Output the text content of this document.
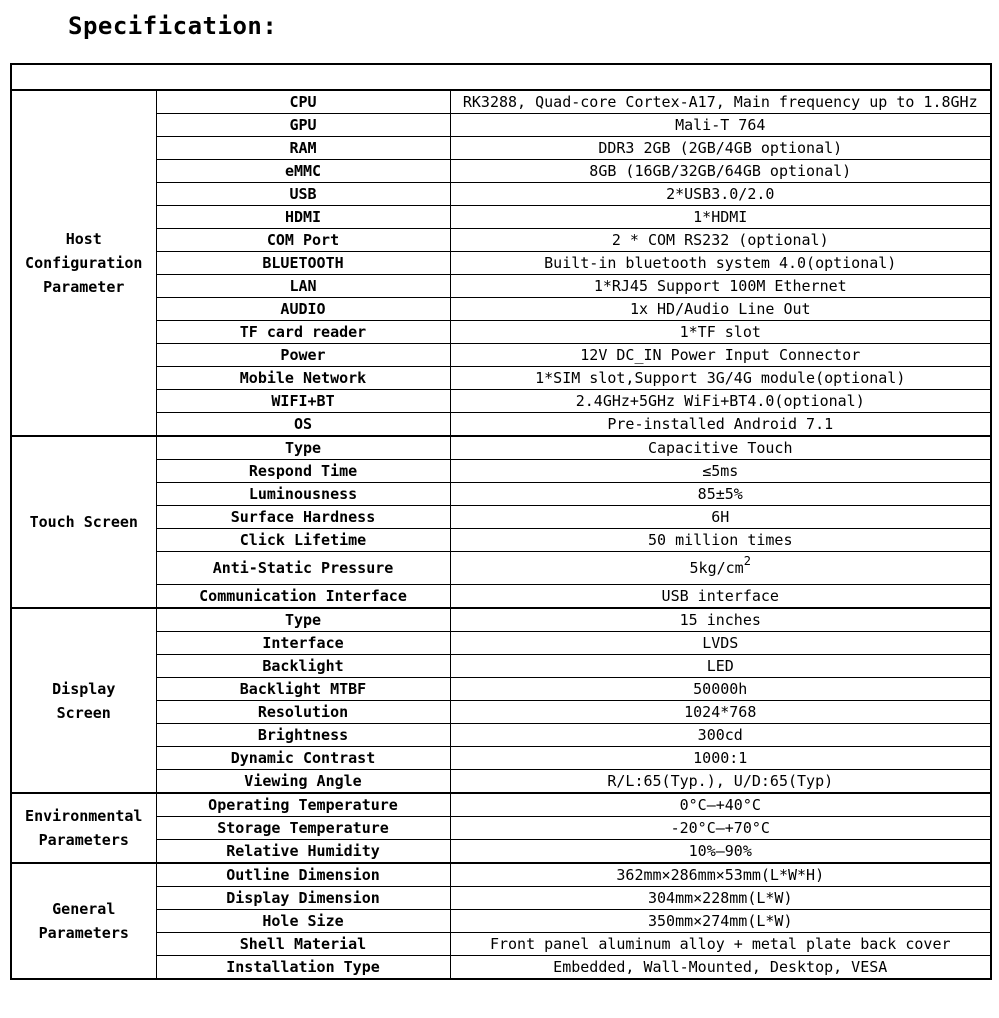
Specification:

Host
Configuration
Parameter	CPU	RK3288, Quad-core Cortex-A17, Main frequency up to 1.8GHz
	GPU	Mali-T 764
	RAM	DDR3 2GB (2GB/4GB optional)
	eMMC	8GB (16GB/32GB/64GB optional)
	USB	2*USB3.0/2.0
	HDMI	1*HDMI
	COM Port	2 * COM RS232 (optional)
	BLUETOOTH	Built-in bluetooth system 4.0(optional)
	LAN	1*RJ45 Support 100M Ethernet
	AUDIO	1x HD/Audio Line Out
	TF card reader	1*TF slot
	Power	12V DC_IN Power Input Connector
	Mobile Network	1*SIM slot,Support 3G/4G module(optional)
	WIFI+BT	2.4GHz+5GHz WiFi+BT4.0(optional)
	OS	Pre-installed Android 7.1

Touch Screen	Type	Capacitive Touch
	Respond Time	≤5ms
	Luminousness	85±5%
	Surface Hardness	6H
	Click Lifetime	50 million times
	Anti-Static Pressure	$5kg/cm^2$
	Communication Interface	USB interface

Display
Screen	Type	15 inches
	Interface	LVDS
	Backlight	LED
	Backlight MTBF	50000h
	Resolution	1024*768
	Brightness	300cd
	Dynamic Contrast	1000:1
	Viewing Angle	R/L:65(Typ.), U/D:65(Typ)

Environmental
Parameters	Operating Temperature	0°C—+40°C
	Storage Temperature	-20°C—+70°C
	Relative Humidity	10%—90%

General
Parameters	Outline Dimension	362mm×286mm×53mm(L*W*H)
	Display Dimension	304mm×228mm(L*W)
	Hole Size	350mm×274mm(L*W)
	Shell Material	Front panel aluminum alloy + metal plate back cover
	Installation Type	Embedded, Wall-Mounted, Desktop, VESA
